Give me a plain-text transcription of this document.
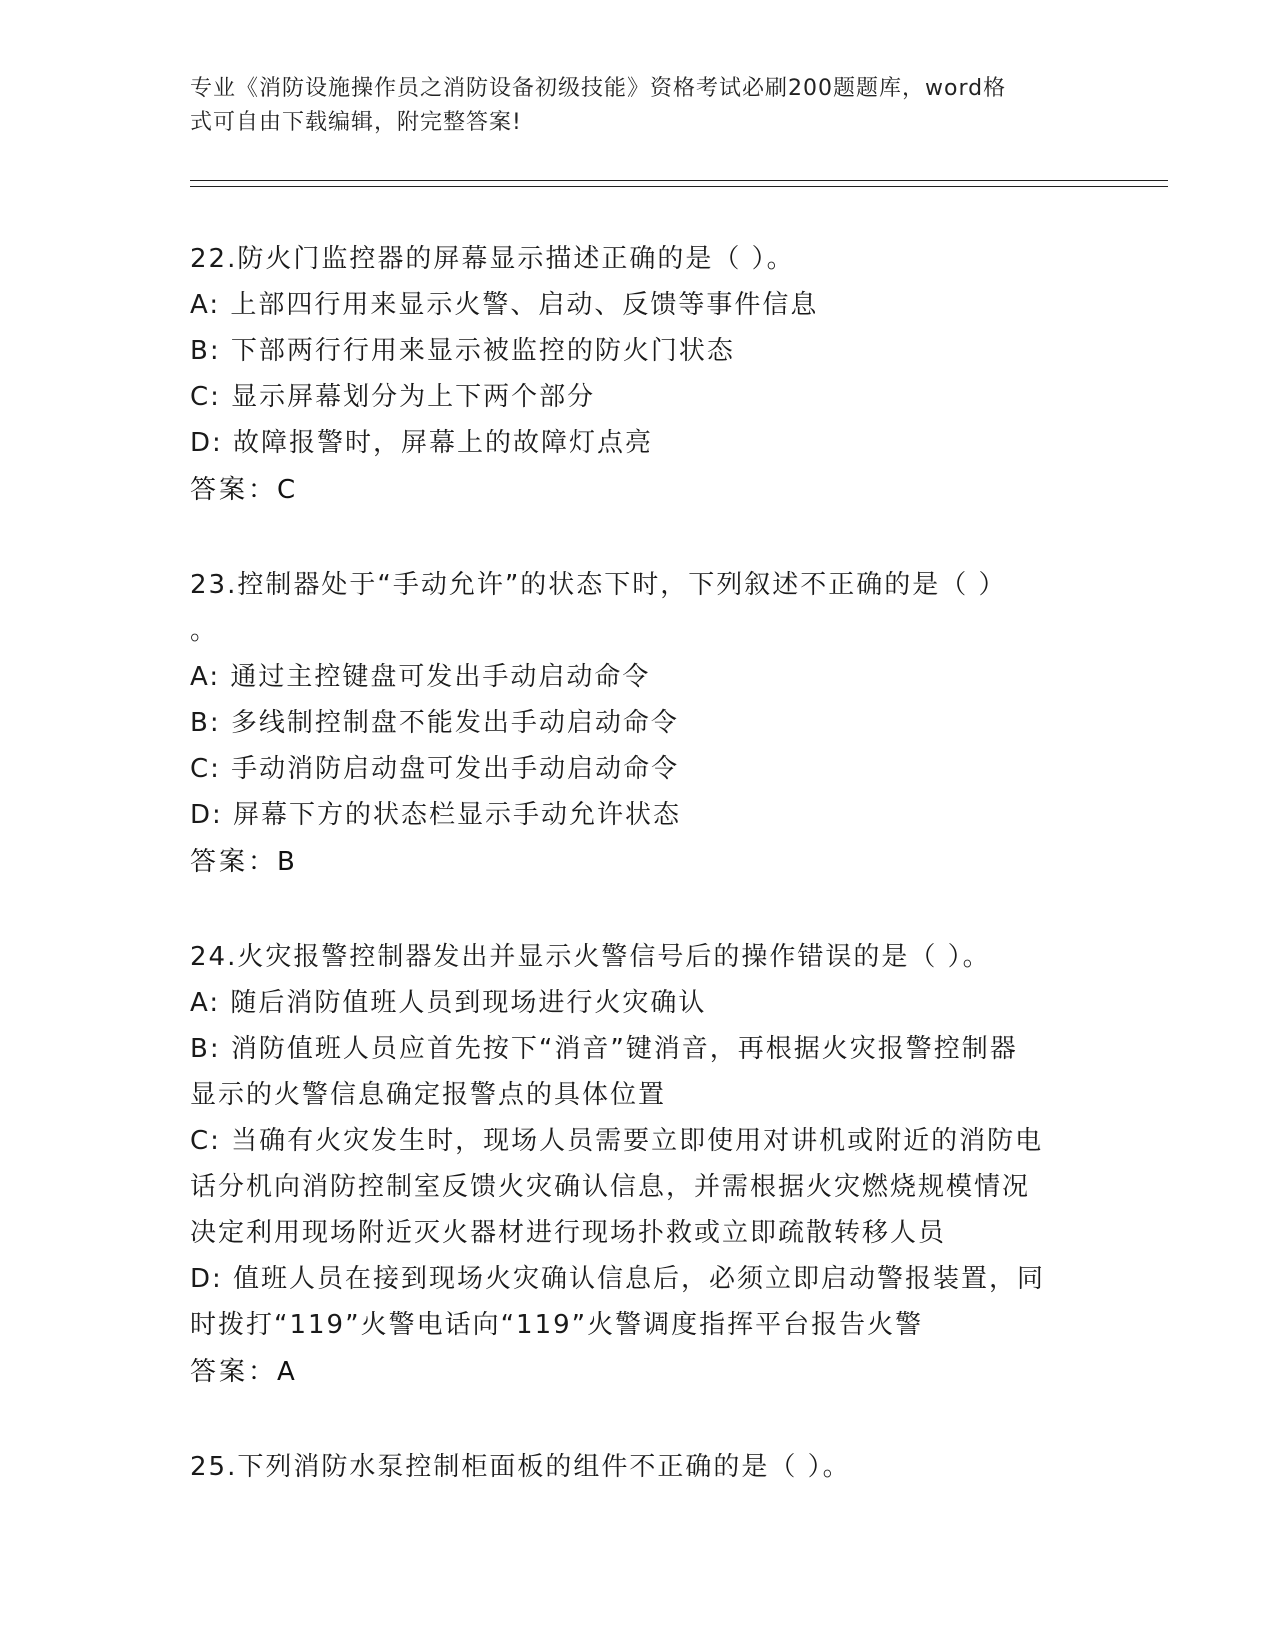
专业《消防设施操作员之消防设备初级技能》资格考试必刷200题题库，word格
式可自由下载编辑，附完整答案!
22.防火门监控器的屏幕显示描述正确的是（ ）。
A: 上部四行用来显示火警、启动、反馈等事件信息
B: 下部两行行用来显示被监控的防火门状态
C: 显示屏幕划分为上下两个部分
D: 故障报警时，屏幕上的故障灯点亮
答案：C
23.控制器处于“手动允许”的状态下时，下列叙述不正确的是（ ）
。
A: 通过主控键盘可发出手动启动命令
B: 多线制控制盘不能发出手动启动命令
C: 手动消防启动盘可发出手动启动命令
D: 屏幕下方的状态栏显示手动允许状态
答案：B
24.火灾报警控制器发出并显示火警信号后的操作错误的是（ ）。
A: 随后消防值班人员到现场进行火灾确认
B: 消防值班人员应首先按下“消音”键消音，再根据火灾报警控制器
显示的火警信息确定报警点的具体位置
C: 当确有火灾发生时，现场人员需要立即使用对讲机或附近的消防电
话分机向消防控制室反馈火灾确认信息，并需根据火灾燃烧规模情况
决定利用现场附近灭火器材进行现场扑救或立即疏散转移人员
D: 值班人员在接到现场火灾确认信息后，必须立即启动警报装置，同
时拨打“119”火警电话向“119”火警调度指挥平台报告火警
答案：A
25.下列消防水泵控制柜面板的组件不正确的是（ ）。
